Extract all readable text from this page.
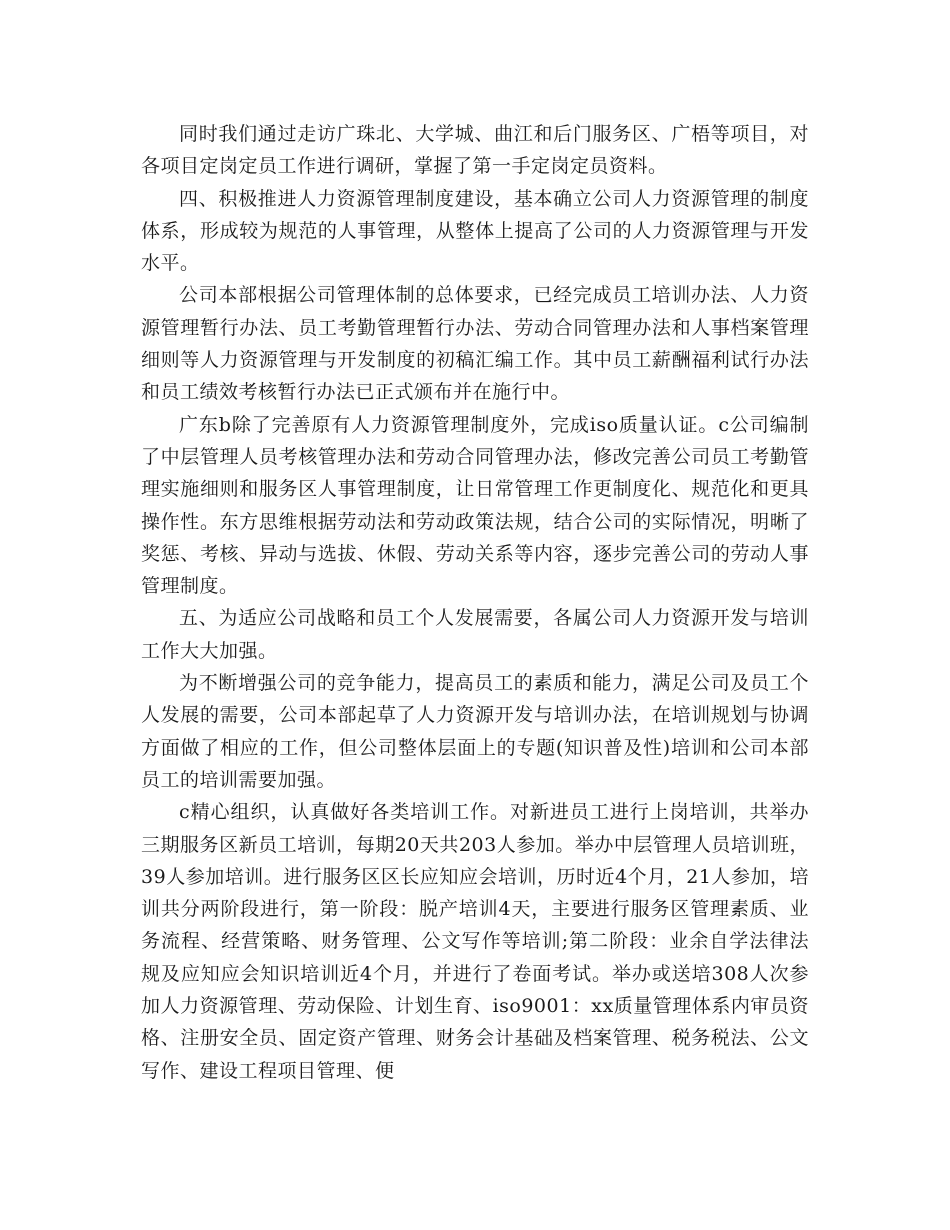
同时我们通过走访广珠北、大学城、曲江和后门服务区、广梧等项目，对各项目定岗定员工作进行调研，掌握了第一手定岗定员资料。

四、积极推进人力资源管理制度建设，基本确立公司人力资源管理的制度体系，形成较为规范的人事管理，从整体上提高了公司的人力资源管理与开发水平。

公司本部根据公司管理体制的总体要求，已经完成员工培训办法、人力资源管理暂行办法、员工考勤管理暂行办法、劳动合同管理办法和人事档案管理细则等人力资源管理与开发制度的初稿汇编工作。其中员工薪酬福利试行办法和员工绩效考核暂行办法已正式颁布并在施行中。

广东b除了完善原有人力资源管理制度外，完成iso质量认证。c公司编制了中层管理人员考核管理办法和劳动合同管理办法，修改完善公司员工考勤管理实施细则和服务区人事管理制度，让日常管理工作更制度化、规范化和更具操作性。东方思维根据劳动法和劳动政策法规，结合公司的实际情况，明晰了奖惩、考核、异动与选拔、休假、劳动关系等内容，逐步完善公司的劳动人事管理制度。

五、为适应公司战略和员工个人发展需要，各属公司人力资源开发与培训工作大大加强。

为不断增强公司的竞争能力，提高员工的素质和能力，满足公司及员工个人发展的需要，公司本部起草了人力资源开发与培训办法，在培训规划与协调方面做了相应的工作，但公司整体层面上的专题(知识普及性)培训和公司本部员工的培训需要加强。

c精心组织，认真做好各类培训工作。对新进员工进行上岗培训，共举办三期服务区新员工培训，每期20天共203人参加。举办中层管理人员培训班，39人参加培训。进行服务区区长应知应会培训，历时近4个月，21人参加，培训共分两阶段进行，第一阶段：脱产培训4天，主要进行服务区管理素质、业务流程、经营策略、财务管理、公文写作等培训;第二阶段：业余自学法律法规及应知应会知识培训近4个月，并进行了卷面考试。举办或送培308人次参加人力资源管理、劳动保险、计划生育、iso9001：xx质量管理体系内审员资格、注册安全员、固定资产管理、财务会计基础及档案管理、税务税法、公文写作、建设工程项目管理、便
